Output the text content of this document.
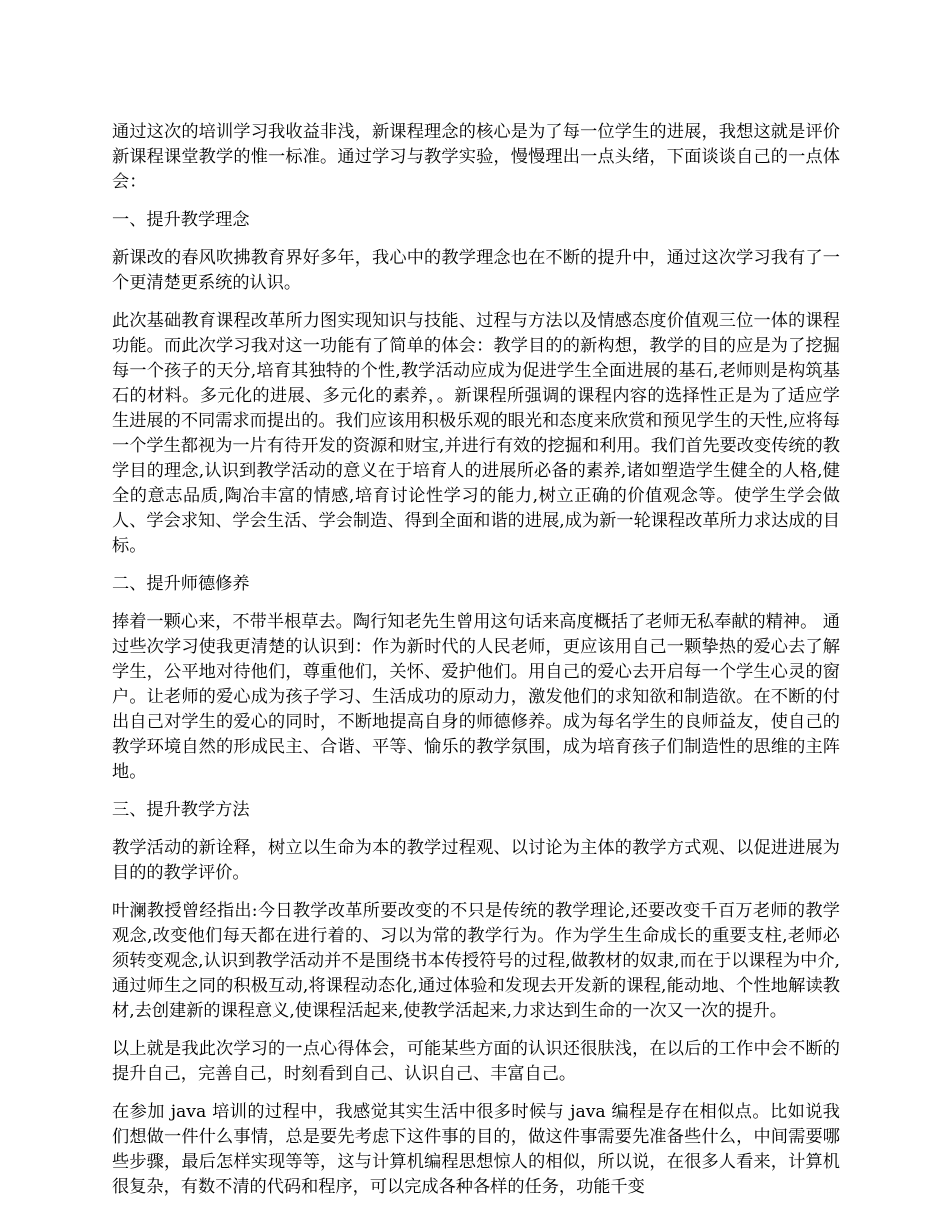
通过这次的培训学习我收益非浅，新课程理念的核心是为了每一位学生的进展，我想这就是评价新课程课堂教学的惟一标准。通过学习与教学实验，慢慢理出一点头绪，下面谈谈自己的一点体会：

一、提升教学理念

新课改的春风吹拂教育界好多年，我心中的教学理念也在不断的提升中，通过这次学习我有了一个更清楚更系统的认识。

此次基础教育课程改革所力图实现知识与技能、过程与方法以及情感态度价值观三位一体的课程功能。而此次学习我对这一功能有了简单的体会：教学目的的新构想，教学的目的应是为了挖掘每一个孩子的天分,培育其独特的个性,教学活动应成为促进学生全面进展的基石,老师则是构筑基石的材料。多元化的进展、多元化的素养，。新课程所强调的课程内容的选择性正是为了适应学生进展的不同需求而提出的。我们应该用积极乐观的眼光和态度来欣赏和预见学生的天性,应将每一个学生都视为一片有待开发的资源和财宝,并进行有效的挖掘和利用。我们首先要改变传统的教学目的理念,认识到教学活动的意义在于培育人的进展所必备的素养,诸如塑造学生健全的人格,健全的意志品质,陶冶丰富的情感,培育讨论性学习的能力,树立正确的价值观念等。使学生学会做人、学会求知、学会生活、学会制造、得到全面和谐的进展,成为新一轮课程改革所力求达成的目标。

二、提升师德修养

捧着一颗心来，不带半根草去。陶行知老先生曾用这句话来高度概括了老师无私奉献的精神。 通过些次学习使我更清楚的认识到：作为新时代的人民老师，更应该用自己一颗挚热的爱心去了解学生，公平地对待他们，尊重他们，关怀、爱护他们。用自己的爱心去开启每一个学生心灵的窗户。让老师的爱心成为孩子学习、生活成功的原动力，激发他们的求知欲和制造欲。在不断的付出自己对学生的爱心的同时，不断地提高自身的师德修养。成为每名学生的良师益友，使自己的教学环境自然的形成民主、合谐、平等、愉乐的教学氛围，成为培育孩子们制造性的思维的主阵地。

三、提升教学方法

教学活动的新诠释，树立以生命为本的教学过程观、以讨论为主体的教学方式观、以促进进展为目的的教学评价。

叶澜教授曾经指出:今日教学改革所要改变的不只是传统的教学理论,还要改变千百万老师的教学观念,改变他们每天都在进行着的、习以为常的教学行为。作为学生生命成长的重要支柱,老师必须转变观念,认识到教学活动并不是围绕书本传授符号的过程,做教材的奴隶,而在于以课程为中介,通过师生之同的积极互动,将课程动态化,通过体验和发现去开发新的课程,能动地、个性地解读教材,去创建新的课程意义,使课程活起来,使教学活起来,力求达到生命的一次又一次的提升。

以上就是我此次学习的一点心得体会，可能某些方面的认识还很肤浅，在以后的工作中会不断的提升自己，完善自己，时刻看到自己、认识自己、丰富自己。

在参加 java 培训的过程中，我感觉其实生活中很多时候与 java 编程是存在相似点。比如说我们想做一件什么事情，总是要先考虑下这件事的目的，做这件事需要先准备些什么，中间需要哪些步骤，最后怎样实现等等，这与计算机编程思想惊人的相似，所以说，在很多人看来，计算机很复杂，有数不清的代码和程序，可以完成各种各样的任务，功能千变
